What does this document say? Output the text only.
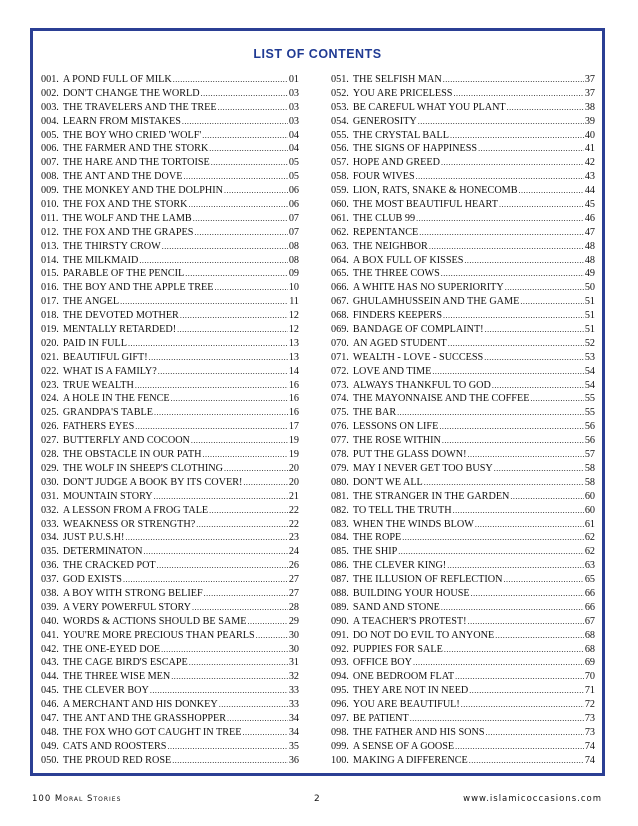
LIST OF CONTENTS
001. A POND FULL OF MILK .....	01
002. DON'T CHANGE THE WORLD .....	03
003. THE TRAVELERS AND THE TREE .....	03
004. LEARN FROM MISTAKES .....	03
005. THE BOY WHO CRIED 'WOLF' .....	04
006. THE FARMER AND THE STORK .....	04
007. THE HARE AND THE TORTOISE .....	05
008. THE ANT AND THE DOVE .....	05
009. THE MONKEY AND THE DOLPHIN .....	06
010. THE FOX AND THE STORK .....	06
011. THE WOLF AND THE LAMB .....	07
012. THE FOX AND THE GRAPES .....	07
013. THE THIRSTY CROW .....	08
014. THE MILKMAID .....	08
015. PARABLE OF THE PENCIL .....	09
016. THE BOY AND THE APPLE TREE .....	10
017. THE ANGEL .....	11
018. THE DEVOTED MOTHER .....	12
019. MENTALLY RETARDED! .....	12
020. PAID IN FULL .....	13
021. BEAUTIFUL GIFT! .....	13
022. WHAT IS A FAMILY? .....	14
023. TRUE WEALTH .....	16
024. A HOLE IN THE FENCE .....	16
025. GRANDPA'S TABLE .....	16
026. FATHERS EYES .....	17
027. BUTTERFLY AND COCOON .....	19
028. THE OBSTACLE IN OUR PATH .....	19
029. THE WOLF IN SHEEP'S CLOTHING .....	20
030. DON'T JUDGE A BOOK BY ITS COVER! .....	20
031. MOUNTAIN STORY .....	21
032. A LESSON FROM A FROG TALE .....	22
033. WEAKNESS OR STRENGTH? .....	22
034. JUST P.U.S.H! .....	23
035. DETERMINATON .....	24
036. THE CRACKED POT .....	26
037. GOD EXISTS .....	27
038. A BOY WITH STRONG BELIEF .....	27
039. A VERY POWERFUL STORY .....	28
040. WORDS & ACTIONS SHOULD BE SAME .....	29
041. YOU'RE MORE PRECIOUS THAN PEARLS .....	30
042. THE ONE-EYED DOE .....	30
043. THE CAGE BIRD'S ESCAPE .....	31
044. THE THREE WISE MEN .....	32
045. THE CLEVER BOY .....	33
046. A MERCHANT AND HIS DONKEY .....	33
047. THE ANT AND THE GRASSHOPPER .....	34
048. THE FOX WHO GOT CAUGHT IN TREE .....	34
049. CATS AND ROOSTERS .....	35
050. THE PROUD RED ROSE .....	36
051. THE SELFISH MAN .....	37
052. YOU ARE PRICELESS .....	37
053. BE CAREFUL WHAT YOU PLANT .....	38
054. GENEROSITY .....	39
055. THE CRYSTAL BALL .....	40
056. THE SIGNS OF HAPPINESS .....	41
057. HOPE AND GREED .....	42
058. FOUR WIVES .....	43
059. LION, RATS, SNAKE & HONECOMB .....	44
060. THE MOST BEAUTIFUL HEART .....	45
061. THE CLUB 99 .....	46
062. REPENTANCE .....	47
063. THE NEIGHBOR .....	48
064. A BOX FULL OF KISSES .....	48
065. THE THREE COWS .....	49
066. A WHITE HAS NO SUPERIORITY .....	50
067. GHULAMHUSSEIN AND THE GAME .....	51
068. FINDERS KEEPERS .....	51
069. BANDAGE OF COMPLAINT! .....	51
070. AN AGED STUDENT .....	52
071. WEALTH - LOVE - SUCCESS .....	53
072. LOVE AND TIME .....	54
073. ALWAYS THANKFUL TO GOD .....	54
074. THE MAYONNAISE AND THE COFFEE .....	55
075. THE BAR .....	55
076. LESSONS ON LIFE .....	56
077. THE ROSE WITHIN .....	56
078. PUT THE GLASS DOWN! .....	57
079. MAY I NEVER GET TOO BUSY .....	58
080. DON'T WE ALL .....	58
081. THE STRANGER IN THE GARDEN .....	60
082. TO TELL THE TRUTH .....	60
083. WHEN THE WINDS BLOW .....	61
084. THE ROPE .....	62
085. THE SHIP .....	62
086. THE CLEVER KING! .....	63
087. THE ILLUSION OF REFLECTION .....	65
088. BUILDING YOUR HOUSE .....	66
089. SAND AND STONE .....	66
090. A TEACHER'S PROTEST! .....	67
091. DO NOT DO EVIL TO ANYONE .....	68
092. PUPPIES FOR SALE .....	68
093. OFFICE BOY .....	69
094. ONE BEDROOM FLAT .....	70
095. THEY ARE NOT IN NEED .....	71
096. YOU ARE BEAUTIFUL! .....	72
097. BE PATIENT .....	73
098. THE FATHER AND HIS SONS .....	73
099. A SENSE OF A GOOSE .....	74
100. MAKING A DIFFERENCE .....	74
100 Moral Stories	2	www.islamicoccasions.com
